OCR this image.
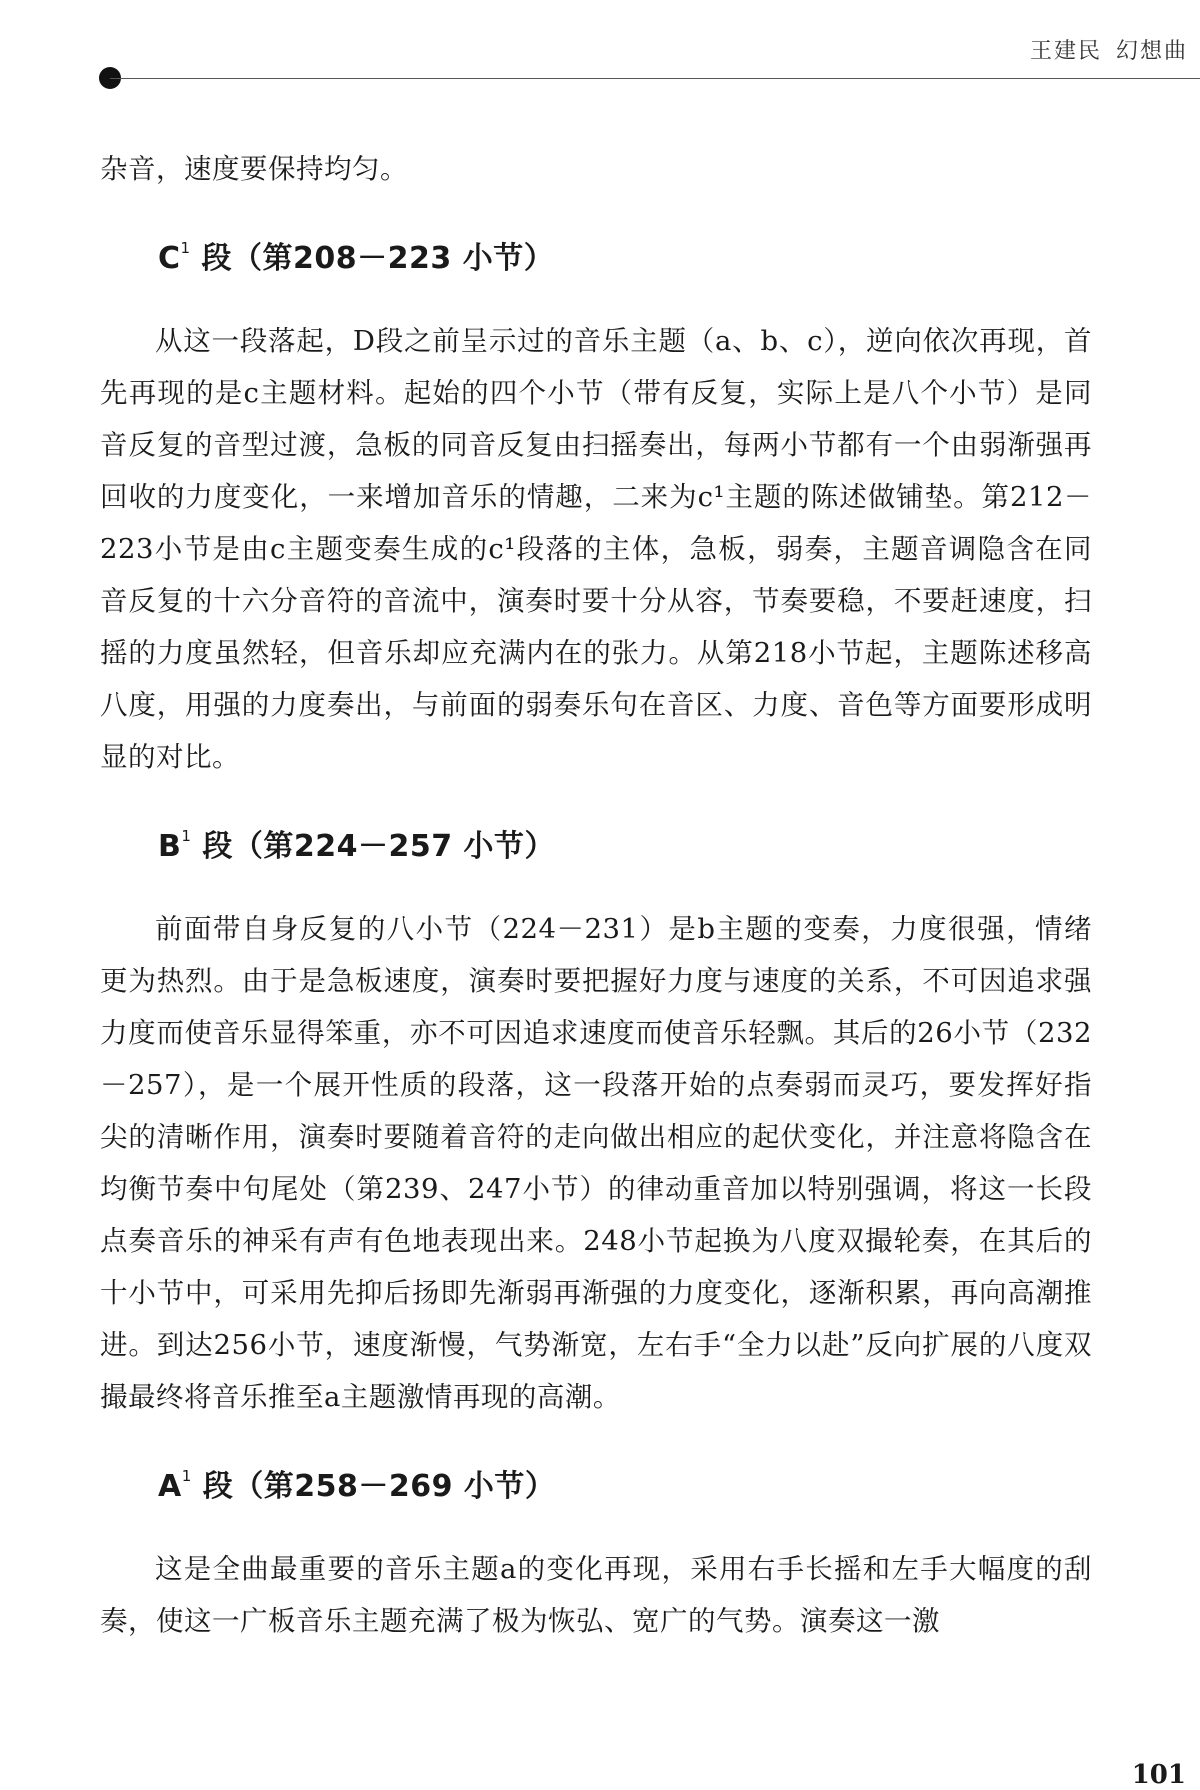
王建民 幻想曲

杂音，速度要保持均匀。

$C^1$ 段（第208－223 小节）

从这一段落起，D段之前呈示过的音乐主题（a、b、c），逆向依次再现，首先再现的是c主题材料。起始的四个小节（带有反复，实际上是八个小节）是同音反复的音型过渡，急板的同音反复由扫摇奏出，每两小节都有一个由弱渐强再回收的力度变化，一来增加音乐的情趣，二来为c¹主题的陈述做铺垫。第212－223小节是由c主题变奏生成的c¹段落的主体，急板，弱奏，主题音调隐含在同音反复的十六分音符的音流中，演奏时要十分从容，节奏要稳，不要赶速度，扫摇的力度虽然轻，但音乐却应充满内在的张力。从第218小节起，主题陈述移高八度，用强的力度奏出，与前面的弱奏乐句在音区、力度、音色等方面要形成明显的对比。

$B^1$ 段（第224－257 小节）

前面带自身反复的八小节（224－231）是b主题的变奏，力度很强，情绪更为热烈。由于是急板速度，演奏时要把握好力度与速度的关系，不可因追求强力度而使音乐显得笨重，亦不可因追求速度而使音乐轻飘。其后的26小节（232－257），是一个展开性质的段落，这一段落开始的点奏弱而灵巧，要发挥好指尖的清晰作用，演奏时要随着音符的走向做出相应的起伏变化，并注意将隐含在均衡节奏中句尾处（第239、247小节）的律动重音加以特别强调，将这一长段点奏音乐的神采有声有色地表现出来。248小节起换为八度双撮轮奏，在其后的十小节中，可采用先抑后扬即先渐弱再渐强的力度变化，逐渐积累，再向高潮推进。到达256小节，速度渐慢，气势渐宽，左右手“全力以赴”反向扩展的八度双撮最终将音乐推至a主题激情再现的高潮。

$A^1$ 段（第258－269 小节）

这是全曲最重要的音乐主题a的变化再现，采用右手长摇和左手大幅度的刮奏，使这一广板音乐主题充满了极为恢弘、宽广的气势。演奏这一激

101
